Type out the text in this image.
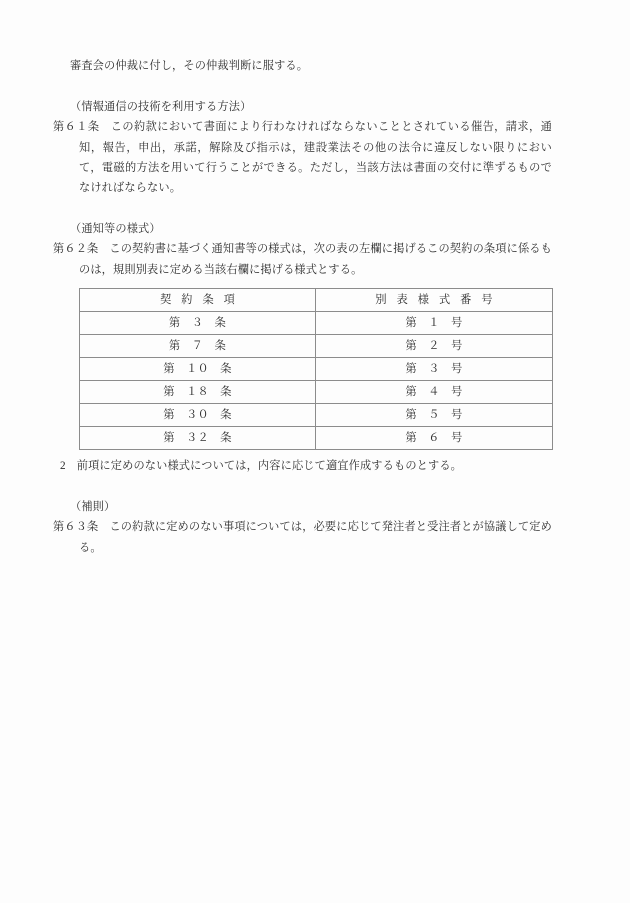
審査会の仲裁に付し，その仲裁判断に服する。

（情報通信の技術を利用する方法）

第６１条 この約款において書面により行わなければならないこととされている催告，請求，通知，報告，申出，承諾，解除及び指示は，建設業法その他の法令に違反しない限りにおいて，電磁的方法を用いて行うことができる。ただし，当該方法は書面の交付に準ずるものでなければならない。

（通知等の様式）

第６２条 この契約書に基づく通知書等の様式は，次の表の左欄に掲げるこの契約の条項に係るものは，規則別表に定める当該右欄に掲げる様式とする。

契約条項	別表様式番号

第　３　条	第　１　号

第　７　条	第　２　号

第　１０　条	第　３　号

第　１８　条	第　４　号

第　３０　条	第　５　号

第　３２　条	第　６　号

2 前項に定めのない様式については，内容に応じて適宜作成するものとする。

（補則）

第６３条 この約款に定めのない事項については，必要に応じて発注者と受注者とが協議して定める。
